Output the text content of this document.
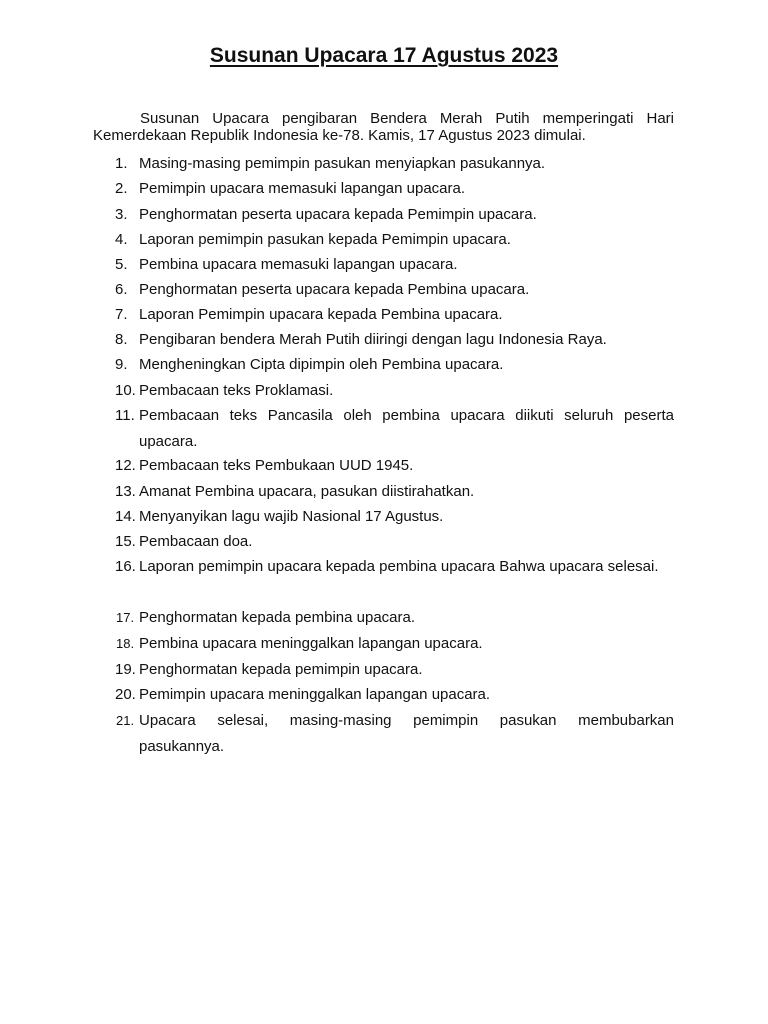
Susunan Upacara 17 Agustus 2023

Susunan Upacara pengibaran Bendera Merah Putih memperingati Hari Kemerdekaan Republik Indonesia ke-78. Kamis, 17 Agustus 2023 dimulai.

1. Masing-masing pemimpin pasukan menyiapkan pasukannya.
2. Pemimpin upacara memasuki lapangan upacara.
3. Penghormatan peserta upacara kepada Pemimpin upacara.
4. Laporan pemimpin pasukan kepada Pemimpin upacara.
5. Pembina upacara memasuki lapangan upacara.
6. Penghormatan peserta upacara kepada Pembina upacara.
7. Laporan Pemimpin upacara kepada Pembina upacara.
8. Pengibaran bendera Merah Putih diiringi dengan lagu Indonesia Raya.
9. Mengheningkan Cipta dipimpin oleh Pembina upacara.
10. Pembacaan teks Proklamasi.
11. Pembacaan teks Pancasila oleh pembina upacara diikuti seluruh peserta upacara.
12. Pembacaan teks Pembukaan UUD 1945.
13. Amanat Pembina upacara, pasukan diistirahatkan.
14. Menyanyikan lagu wajib Nasional 17 Agustus.
15. Pembacaan doa.
16. Laporan pemimpin upacara kepada pembina upacara Bahwa upacara selesai.
17. Penghormatan kepada pembina upacara.
18. Pembina upacara meninggalkan lapangan upacara.
19. Penghormatan kepada pemimpin upacara.
20. Pemimpin upacara meninggalkan lapangan upacara.
21. Upacara selesai, masing-masing pemimpin pasukan membubarkan pasukannya.
